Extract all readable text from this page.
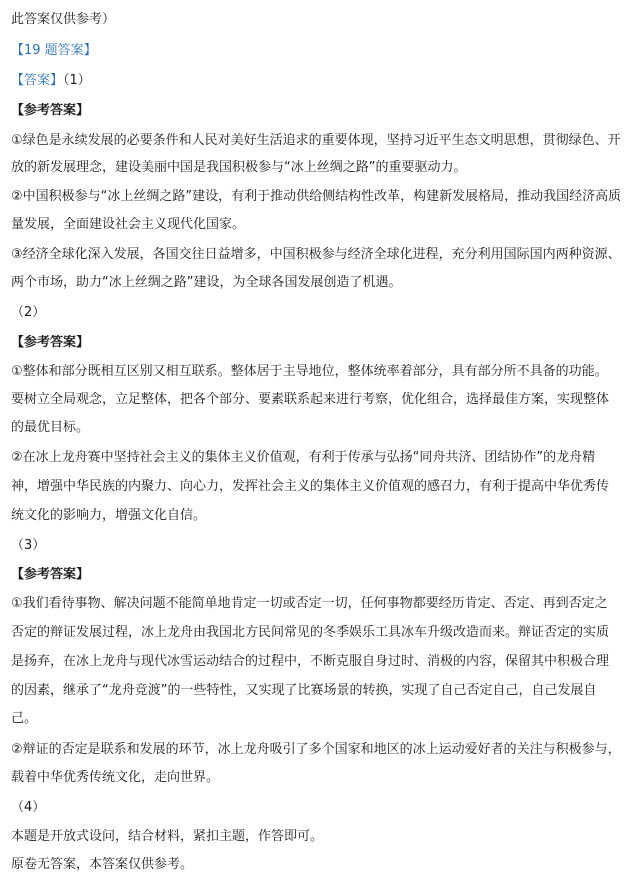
此答案仅供参考）
【19 题答案】
【答案】（1）
【参考答案】
①绿色是永续发展的必要条件和人民对美好生活追求的重要体现，坚持习近平生态文明思想，贯彻绿色、开
放的新发展理念，建设美丽中国是我国积极参与“冰上丝绸之路”的重要驱动力。
②中国积极参与“冰上丝绸之路”建设，有利于推动供给侧结构性改革，构建新发展格局，推动我国经济高质
量发展，全面建设社会主义现代化国家。
③经济全球化深入发展，各国交往日益增多，中国积极参与经济全球化进程，充分利用国际国内两种资源、
两个市场，助力“冰上丝绸之路”建设，为全球各国发展创造了机遇。
（2）
【参考答案】
①整体和部分既相互区别又相互联系。整体居于主导地位，整体统率着部分，具有部分所不具备的功能。
要树立全局观念，立足整体，把各个部分、要素联系起来进行考察，优化组合，选择最佳方案，实现整体
的最优目标。
②在冰上龙舟赛中坚持社会主义的集体主义价值观，有利于传承与弘扬“同舟共济、团结协作”的龙舟精
神，增强中华民族的内聚力、向心力，发挥社会主义的集体主义价值观的感召力，有利于提高中华优秀传
统文化的影响力，增强文化自信。
（3）
【参考答案】
①我们看待事物、解决问题不能简单地肯定一切或否定一切，任何事物都要经历肯定、否定、再到否定之
否定的辩证发展过程，冰上龙舟由我国北方民间常见的冬季娱乐工具冰车升级改造而来。辩证否定的实质
是扬弃，在冰上龙舟与现代冰雪运动结合的过程中，不断克服自身过时、消极的内容，保留其中积极合理
的因素，继承了“龙舟竞渡”的一些特性，又实现了比赛场景的转换，实现了自己否定自己，自己发展自
己。
②辩证的否定是联系和发展的环节，冰上龙舟吸引了多个国家和地区的冰上运动爱好者的关注与积极参与，
载着中华优秀传统文化，走向世界。
（4）
本题是开放式设问，结合材料，紧扣主题，作答即可。
原卷无答案，本答案仅供参考。
